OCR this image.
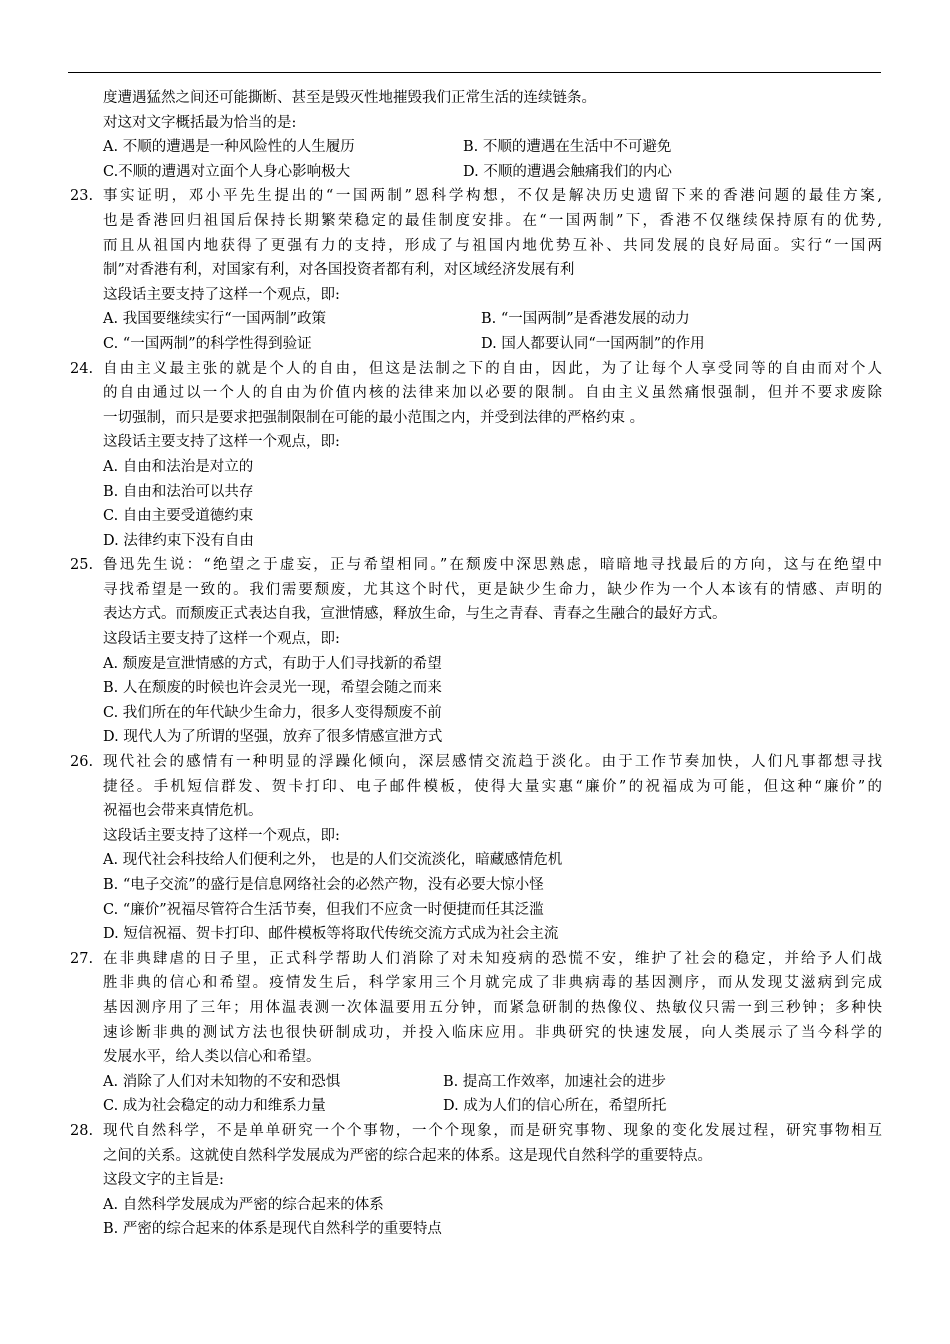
度遭遇猛然之间还可能撕断、甚至是毁灭性地摧毁我们正常生活的连续链条。
对这对文字概括最为恰当的是:
A. 不顺的遭遇是一种风险性的人生履历	B. 不顺的遭遇在生活中不可避免
C.不顺的遭遇对立面个人身心影响极大	D. 不顺的遭遇会触痛我们的内心
23. 事实证明，邓小平先生提出的“一国两制”恩科学构想，不仅是解决历史遗留下来的香港问题的最佳方案,
也是香港回归祖国后保持长期繁荣稳定的最佳制度安排。在“一国两制”下，香港不仅继续保持原有的优势,
而且从祖国内地获得了更强有力的支持，形成了与祖国内地优势互补、共同发展的良好局面。实行“一国两
制”对香港有利，对国家有利，对各国投资者都有利，对区域经济发展有利
这段话主要支持了这样一个观点，即:
A. 我国要继续实行“一国两制”政策	B. “一国两制”是香港发展的动力
C. “一国两制”的科学性得到验证	D. 国人都要认同“一国两制”的作用
24. 自由主义最主张的就是个人的自由，但这是法制之下的自由，因此，为了让每个人享受同等的自由而对个人
的自由通过以一个人的自由为价值内核的法律来加以必要的限制。自由主义虽然痛恨强制，但并不要求废除
一切强制，而只是要求把强制限制在可能的最小范围之内，并受到法律的严格约束 。
这段话主要支持了这样一个观点，即:
A. 自由和法治是对立的
B. 自由和法治可以共存
C. 自由主要受道德约束
D. 法律约束下没有自由
25. 鲁迅先生说：“绝望之于虚妄，正与希望相同。”在颓废中深思熟虑，暗暗地寻找最后的方向，这与在绝望中
寻找希望是一致的。我们需要颓废，尤其这个时代，更是缺少生命力，缺少作为一个人本该有的情感、声明的
表达方式。而颓废正式表达自我，宣泄情感，释放生命，与生之青春、青春之生融合的最好方式。
这段话主要支持了这样一个观点，即:
A. 颓废是宣泄情感的方式，有助于人们寻找新的希望
B. 人在颓废的时候也许会灵光一现，希望会随之而来
C. 我们所在的年代缺少生命力，很多人变得颓废不前
D. 现代人为了所谓的坚强，放弃了很多情感宣泄方式
26. 现代社会的感情有一种明显的浮躁化倾向，深层感情交流趋于淡化。由于工作节奏加快，人们凡事都想寻找
捷径。手机短信群发、贺卡打印、电子邮件模板，使得大量实惠“廉价”的祝福成为可能，但这种“廉价”的
祝福也会带来真情危机。
这段话主要支持了这样一个观点，即:
A. 现代社会科技给人们便利之外， 也是的人们交流淡化，暗藏感情危机
B. “电子交流”的盛行是信息网络社会的必然产物，没有必要大惊小怪
C. “廉价”祝福尽管符合生活节奏，但我们不应贪一时便捷而任其泛滥
D. 短信祝福、贺卡打印、邮件模板等将取代传统交流方式成为社会主流
27. 在非典肆虐的日子里，正式科学帮助人们消除了对未知疫病的恐慌不安，维护了社会的稳定，并给予人们战
胜非典的信心和希望。疫情发生后，科学家用三个月就完成了非典病毒的基因测序，而从发现艾滋病到完成
基因测序用了三年；用体温表测一次体温要用五分钟，而紧急研制的热像仪、热敏仪只需一到三秒钟；多种快
速诊断非典的测试方法也很快研制成功，并投入临床应用。非典研究的快速发展，向人类展示了当今科学的
发展水平，给人类以信心和希望。
A. 消除了人们对未知物的不安和恐惧	B. 提高工作效率，加速社会的进步
C. 成为社会稳定的动力和维系力量	D. 成为人们的信心所在，希望所托
28. 现代自然科学，不是单单研究一个个事物，一个个现象，而是研究事物、现象的变化发展过程，研究事物相互
之间的关系。这就使自然科学发展成为严密的综合起来的体系。这是现代自然科学的重要特点。
这段文字的主旨是:
A. 自然科学发展成为严密的综合起来的体系
B. 严密的综合起来的体系是现代自然科学的重要特点
